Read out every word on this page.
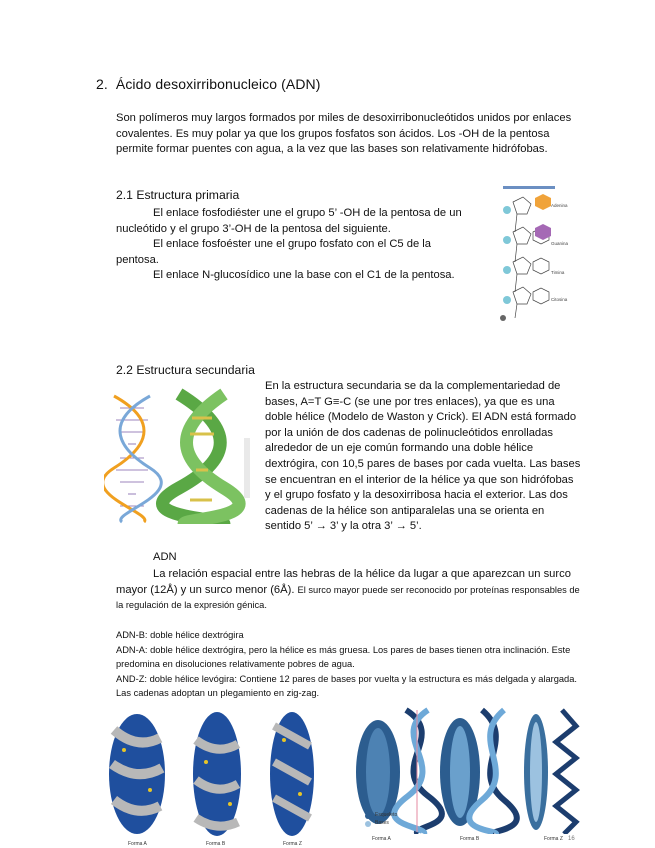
2. Ácido desoxirribonucleico (ADN)
Son polímeros muy largos formados por miles de desoxirribonucleótidos unidos por enlaces covalentes. Es muy polar ya que los grupos fosfatos son ácidos. Los -OH de la pentosa permite formar puentes con agua, a la vez que las bases son relativamente hidrófobas.
2.1 Estructura primaria
El enlace fosfodiéster une el grupo 5’ -OH de la pentosa de un nucleótido y el grupo 3’-OH de la pentosa del siguiente.
El enlace fosfoéster une el grupo fosfato con el C5 de la pentosa.
El enlace N-glucosídico une la base con el C1 de la pentosa.
Adenina
Guanina
Timina
Citosina
2.2 Estructura secundaria
En la estructura secundaria se da la complementariedad de bases, A=T G≡-C (se une por tres enlaces), ya que es una doble hélice (Modelo de Waston y Crick). El ADN está formado por la unión de dos cadenas de polinucleótidos enrolladas alrededor de un eje común formando una doble hélice dextrógira, con 10,5 pares de bases por cada vuelta. Las bases se encuentran en el interior de la hélice ya que son hidrófobas y el grupo fosfato y la desoxirribosa hacia el exterior. Las dos cadenas de la hélice son antiparalelas una se orienta en sentido 5’ → 3’ y la otra 3’ → 5’.
ADN
La relación espacial entre las hebras de la hélice da lugar a que aparezcan un surco mayor (12Å) y un surco menor (6Å). El surco mayor puede ser reconocido por proteínas responsables de la regulación de la expresión génica.
ADN-B: doble hélice dextrógira
ADN-A: doble hélice dextrógira, pero la hélice es más gruesa. Los pares de bases tienen otra inclinación. Este predomina en disoluciones relativamente pobres de agua.
AND-Z: doble hélice levógira: Contiene 12 pares de bases por vuelta y la estructura es más delgada y alargada. Las cadenas adoptan un plegamiento en zig-zag.
Forma A	Forma B	Forma Z
Esqueleto
Bases
Forma A	Forma B	Forma Z 16
